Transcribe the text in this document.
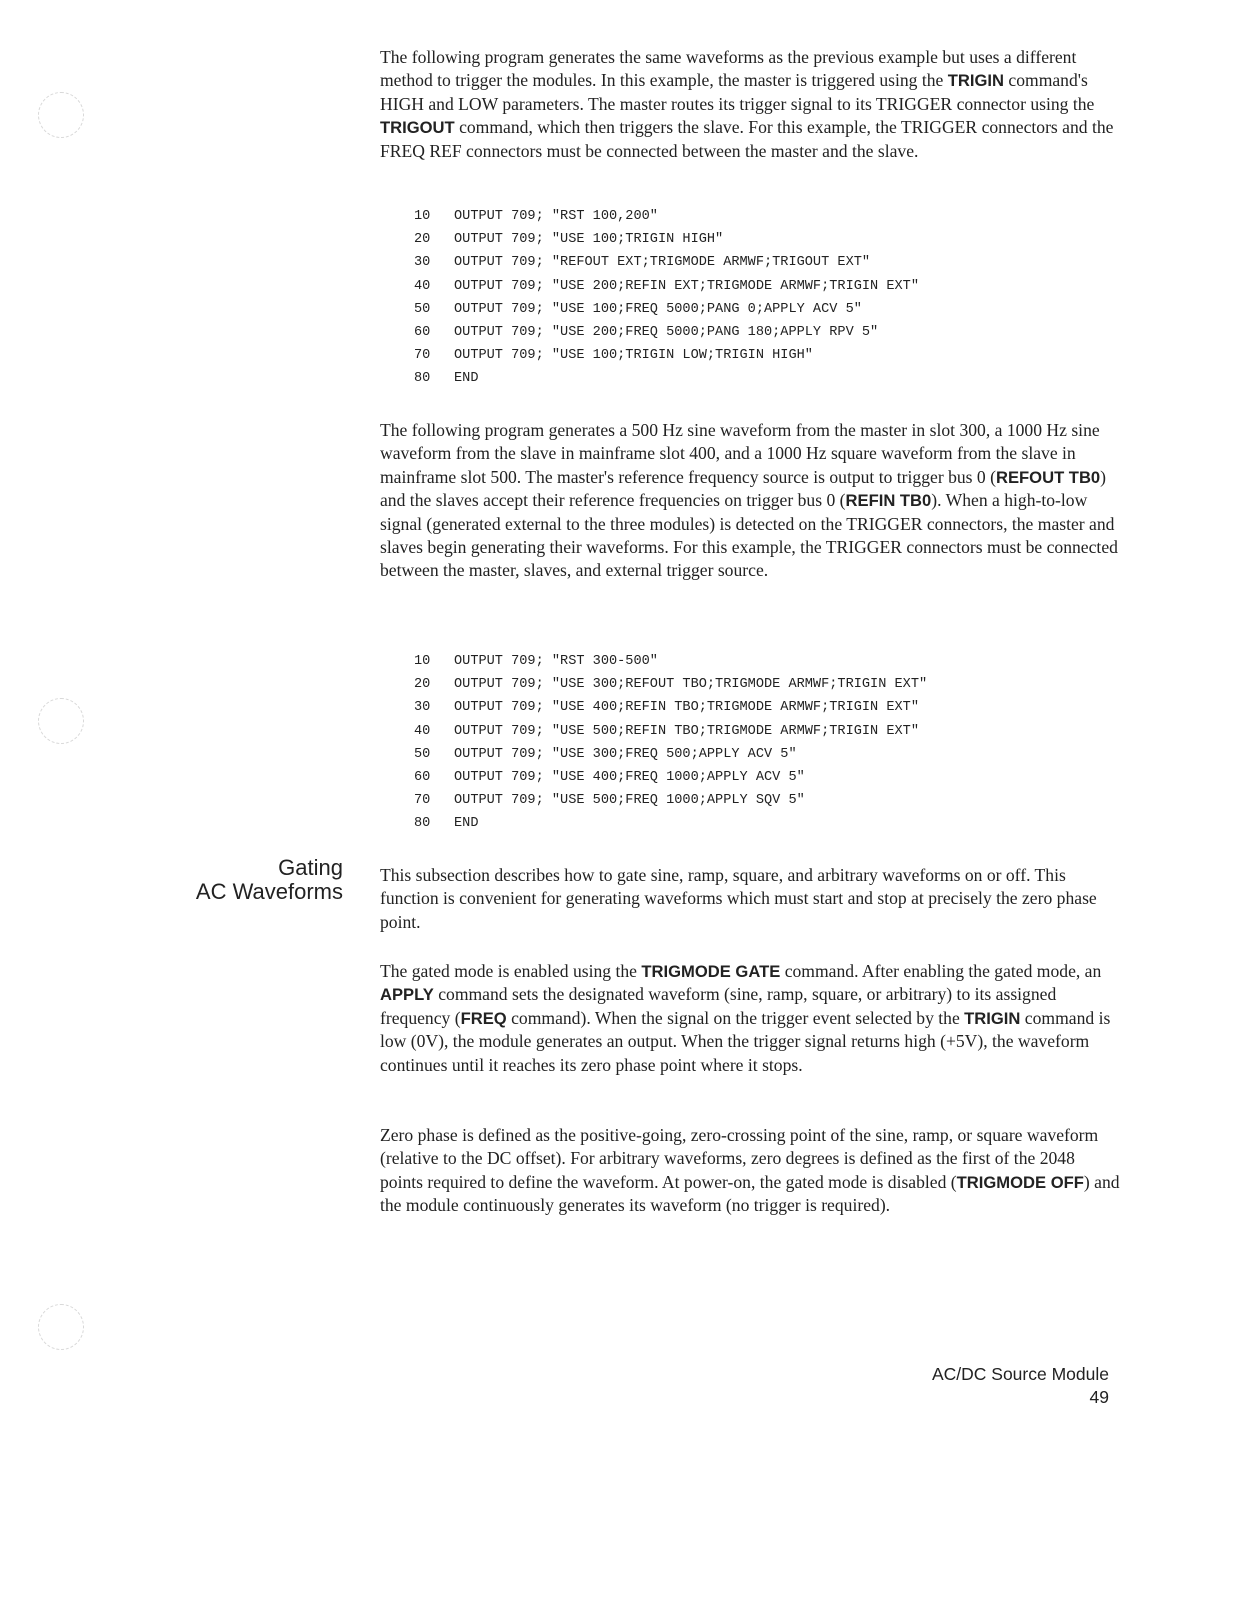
The following program generates the same waveforms as the previous example but uses a different method to trigger the modules. In this example, the master is triggered using the TRIGIN command's HIGH and LOW parameters. The master routes its trigger signal to its TRIGGER connector using the TRIGOUT command, which then triggers the slave. For this example, the TRIGGER connectors and the FREQ REF connectors must be connected between the master and the slave.

10 OUTPUT 709; "RST 100,200"
20 OUTPUT 709; "USE 100;TRIGIN HIGH"
30 OUTPUT 709; "REFOUT EXT;TRIGMODE ARMWF;TRIGOUT EXT"
40 OUTPUT 709; "USE 200;REFIN EXT;TRIGMODE ARMWF;TRIGIN EXT"
50 OUTPUT 709; "USE 100;FREQ 5000;PANG 0;APPLY ACV 5"
60 OUTPUT 709; "USE 200;FREQ 5000;PANG 180;APPLY RPV 5"
70 OUTPUT 709; "USE 100;TRIGIN LOW;TRIGIN HIGH"
80 END

The following program generates a 500 Hz sine waveform from the master in slot 300, a 1000 Hz sine waveform from the slave in mainframe slot 400, and a 1000 Hz square waveform from the slave in mainframe slot 500. The master's reference frequency source is output to trigger bus 0 (REFOUT TB0) and the slaves accept their reference frequencies on trigger bus 0 (REFIN TB0). When a high-to-low signal (generated external to the three modules) is detected on the TRIGGER connectors, the master and slaves begin generating their waveforms. For this example, the TRIGGER connectors must be connected between the master, slaves, and external trigger source.

10 OUTPUT 709; "RST 300-500"
20 OUTPUT 709; "USE 300;REFOUT TBO;TRIGMODE ARMWF;TRIGIN EXT"
30 OUTPUT 709; "USE 400;REFIN TBO;TRIGMODE ARMWF;TRIGIN EXT"
40 OUTPUT 709; "USE 500;REFIN TBO;TRIGMODE ARMWF;TRIGIN EXT"
50 OUTPUT 709; "USE 300;FREQ 500;APPLY ACV 5"
60 OUTPUT 709; "USE 400;FREQ 1000;APPLY ACV 5"
70 OUTPUT 709; "USE 500;FREQ 1000;APPLY SQV 5"
80 END
Gating
AC Waveforms

This subsection describes how to gate sine, ramp, square, and arbitrary waveforms on or off. This function is convenient for generating waveforms which must start and stop at precisely the zero phase point.

The gated mode is enabled using the TRIGMODE GATE command. After enabling the gated mode, an APPLY command sets the designated waveform (sine, ramp, square, or arbitrary) to its assigned frequency (FREQ command). When the signal on the trigger event selected by the TRIGIN command is low (0V), the module generates an output. When the trigger signal returns high (+5V), the waveform continues until it reaches its zero phase point where it stops.

Zero phase is defined as the positive-going, zero-crossing point of the sine, ramp, or square waveform (relative to the DC offset). For arbitrary waveforms, zero degrees is defined as the first of the 2048 points required to define the waveform. At power-on, the gated mode is disabled (TRIGMODE OFF) and the module continuously generates its waveform (no trigger is required).

AC/DC Source Module
49
